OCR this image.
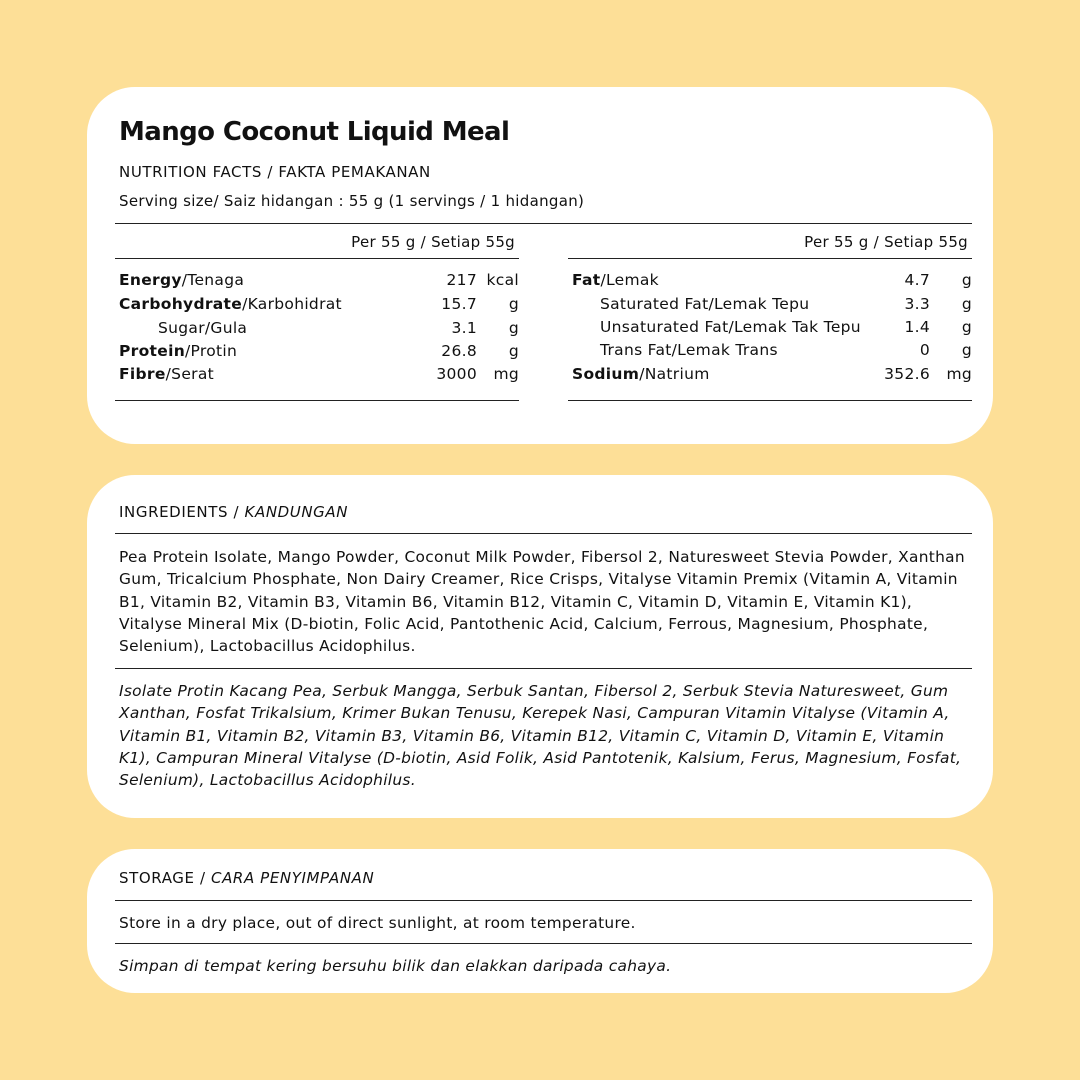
Mango Coconut Liquid Meal
NUTRITION FACTS / FAKTA PEMAKANAN
Serving size/ Saiz hidangan : 55 g (1 servings / 1 hidangan)
Per 55 g / Setiap 55g
Energy/Tenaga	217 kcal
Carbohydrate/Karbohidrat	15.7	g
Sugar/Gula	3.1	g
Protein/Protin	26.8	g
Fibre/Serat	3000	mg
Per 55 g / Setiap 55g
Fat/Lemak	4.7	g
Saturated Fat/Lemak Tepu	3.3	g
Unsaturated Fat/Lemak Tak Tepu	1.4	g
Trans Fat/Lemak Trans	0	g
Sodium/Natrium	352.6	mg
INGREDIENTS / KANDUNGAN
Pea Protein Isolate, Mango Powder, Coconut Milk Powder, Fibersol 2, Naturesweet Stevia Powder, Xanthan Gum, Tricalcium Phosphate, Non Dairy Creamer, Rice Crisps, Vitalyse Vitamin Premix (Vitamin A, Vitamin B1, Vitamin B2, Vitamin B3, Vitamin B6, Vitamin B12, Vitamin C, Vitamin D, Vitamin E, Vitamin K1), Vitalyse Mineral Mix (D-biotin, Folic Acid, Pantothenic Acid, Calcium, Ferrous, Magnesium, Phosphate, Selenium), Lactobacillus Acidophilus.
Isolate Protin Kacang Pea, Serbuk Mangga, Serbuk Santan, Fibersol 2, Serbuk Stevia Naturesweet, Gum Xanthan, Fosfat Trikalsium, Krimer Bukan Tenusu, Kerepek Nasi, Campuran Vitamin Vitalyse (Vitamin A, Vitamin B1, Vitamin B2, Vitamin B3, Vitamin B6, Vitamin B12, Vitamin C, Vitamin D, Vitamin E, Vitamin K1), Campuran Mineral Vitalyse (D-biotin, Asid Folik, Asid Pantotenik, Kalsium, Ferus, Magnesium, Fosfat, Selenium), Lactobacillus Acidophilus.
STORAGE / CARA PENYIMPANAN
Store in a dry place, out of direct sunlight, at room temperature.
Simpan di tempat kering bersuhu bilik dan elakkan daripada cahaya.
